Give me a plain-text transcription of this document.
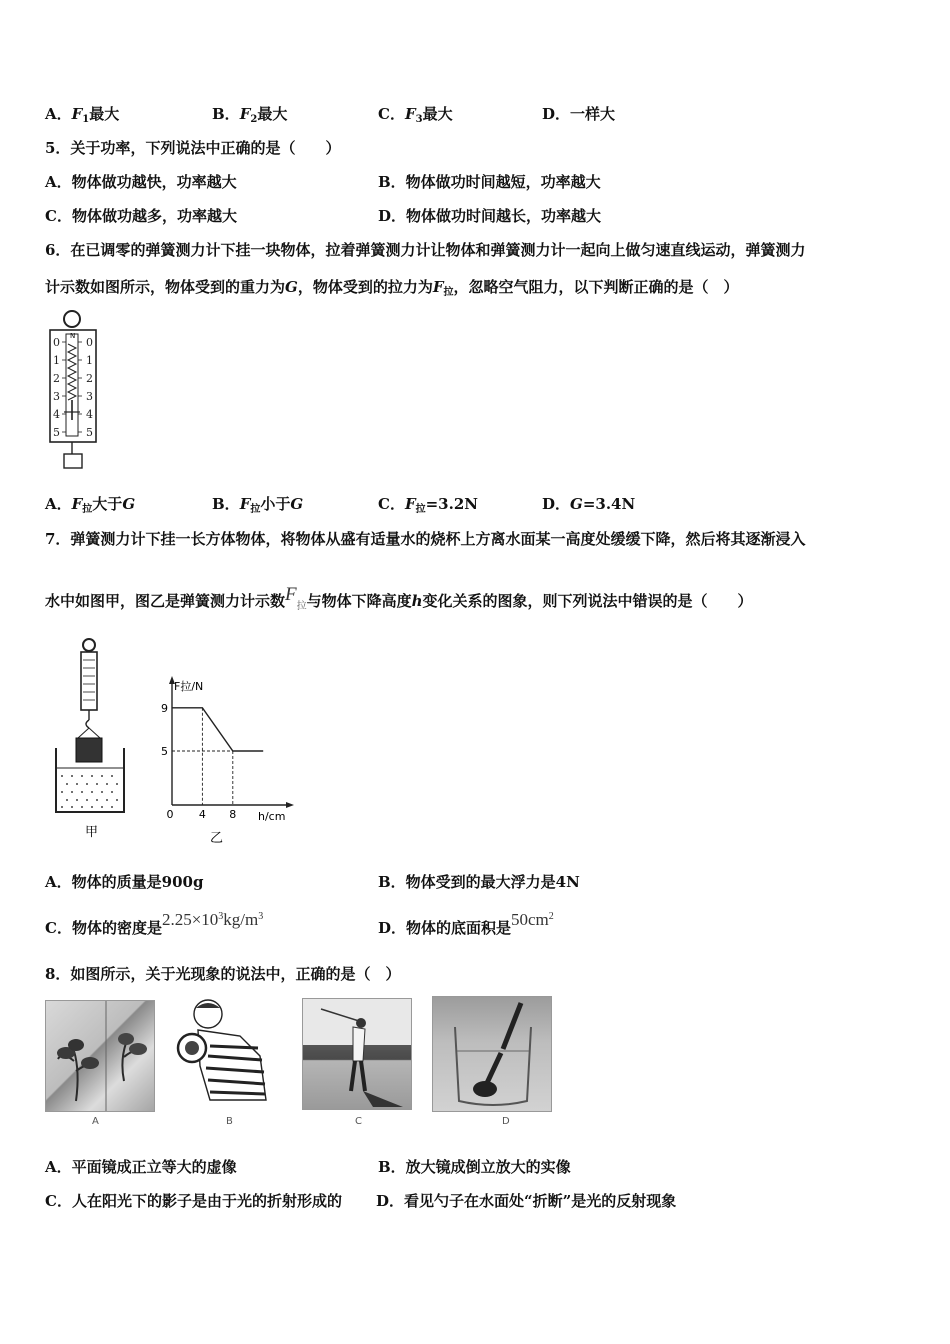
A．$F_1$最大	B．$F_2$最大	C．$F_3$最大	D．一样大
5．关于功率，下列说法中正确的是（　　）
A．物体做功越快，功率越大	B．物体做功时间越短，功率越大
C．物体做功越多，功率越大	D．物体做功时间越长，功率越大
6．在已调零的弹簧测力计下挂一块物体，拉着弹簧测力计让物体和弹簧测力计一起向上做匀速直线运动，弹簧测力
计示数如图所示，物体受到的重力为G，物体受到的拉力为$F_拉$，忽略空气阻力，以下判断正确的是（　）
N
0
1
2
3
4
5
0
1
2
3
4
5
A．$F_拉$大于G	B．$F_拉$小于G	C．$F_拉=3.2N$	D．G=3.4N
7．弹簧测力计下挂一长方体物体，将物体从盛有适量水的烧杯上方离水面某一高度处缓缓下降，然后将其逐渐浸入
水中如图甲，图乙是弹簧测力计示数$F_拉$与物体下降高度h变化关系的图象，则下列说法中错误的是（　　）
甲
F拉/N
h/cm
0 4 8
9
5
乙
A．物体的质量是900g	B．物体受到的最大浮力是4N
C．物体的密度是$2.25\times 10^3kg/m^3$
D．物体的底面积是$50cm^2$
8．如图所示，关于光现象的说法中，正确的是（　）
A	B	C	D
A．平面镜成正立等大的虚像	B．放大镜成倒立放大的实像
C．人在阳光下的影子是由于光的折射形成的 D．看见勺子在水面处“折断”是光的反射现象
